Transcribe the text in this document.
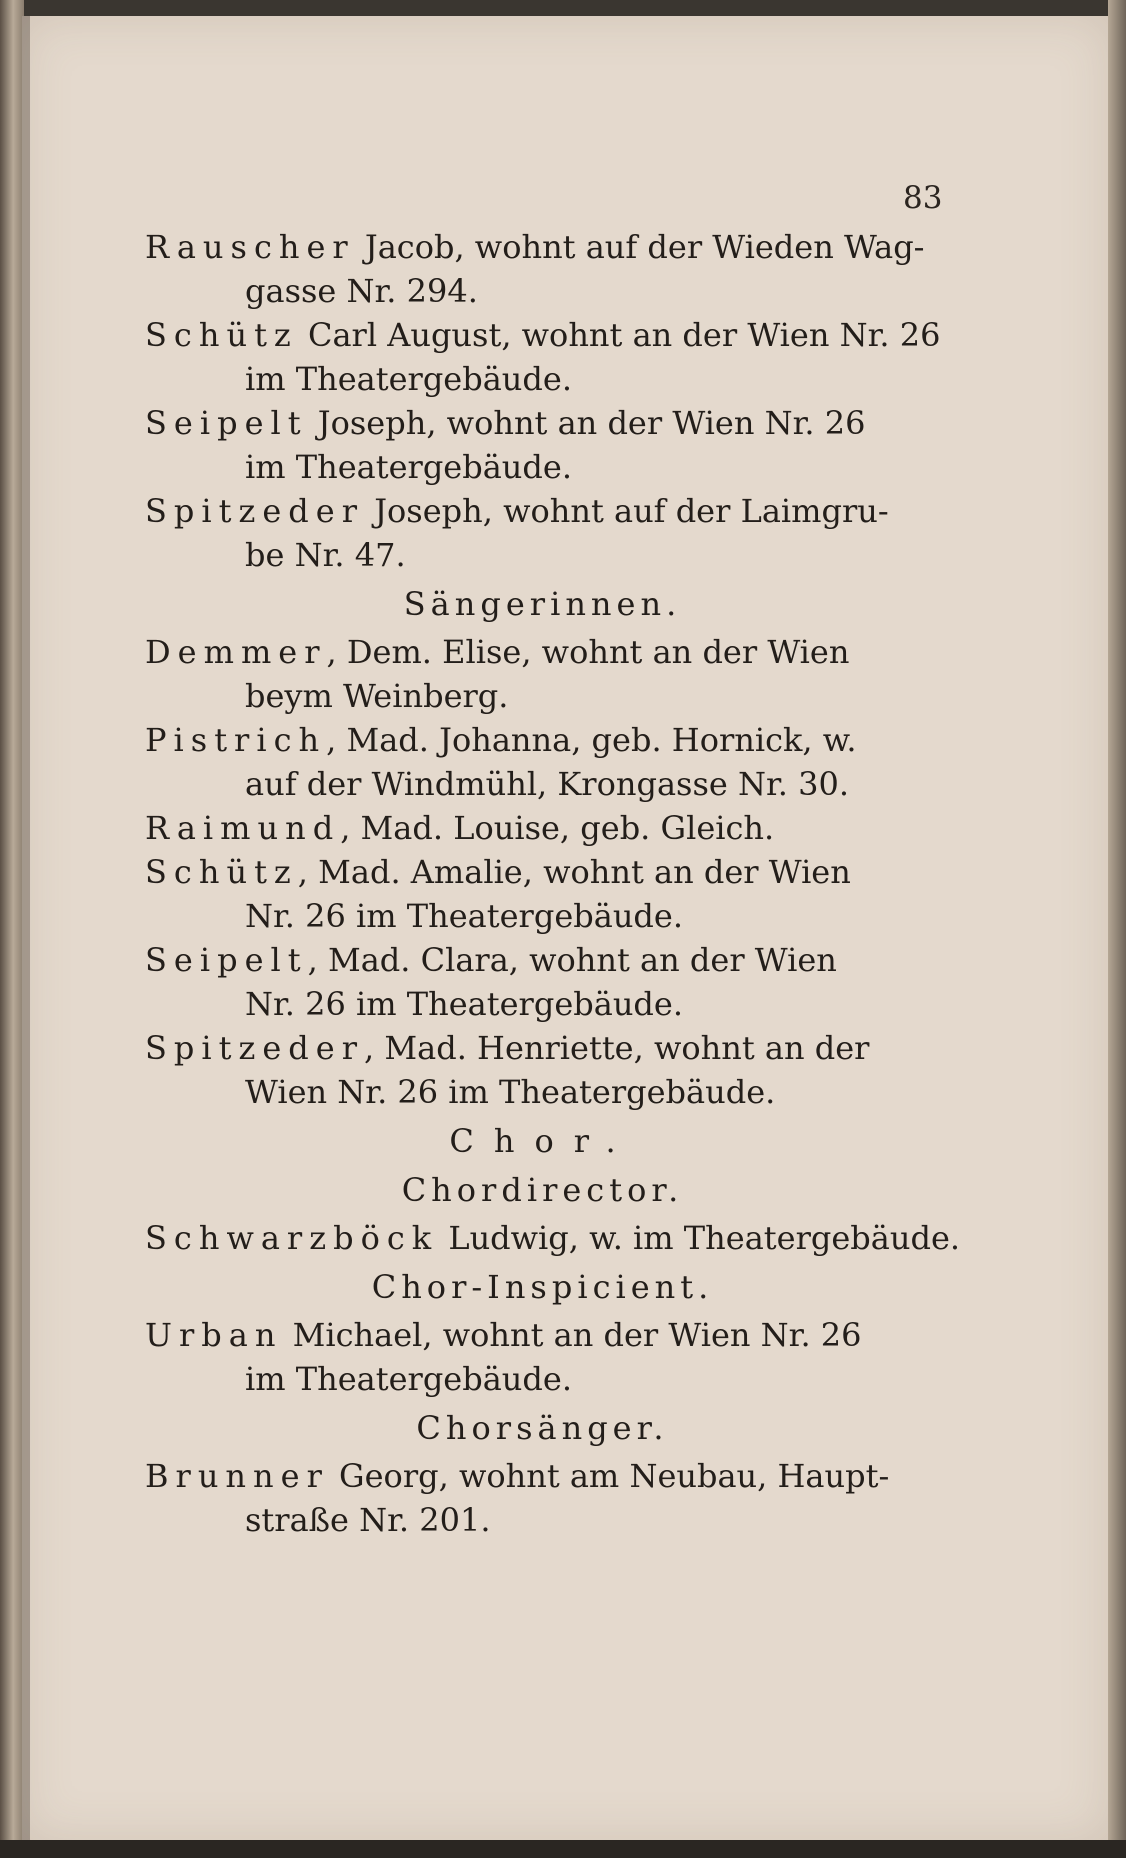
83
Rauscher Jacob, wohnt auf der Wieden Wag-
gasse Nr. 294.
Schütz Carl August, wohnt an der Wien Nr. 26
im Theatergebäude.
Seipelt Joseph, wohnt an der Wien Nr. 26
im Theatergebäude.
Spitzeder Joseph, wohnt auf der Laimgru-
be Nr. 47.
Sängerinnen.
Demmer, Dem. Elise, wohnt an der Wien
beym Weinberg.
Pistrich, Mad. Johanna, geb. Hornick, w.
auf der Windmühl, Krongasse Nr. 30.
Raimund, Mad. Louise, geb. Gleich.
Schütz, Mad. Amalie, wohnt an der Wien
Nr. 26 im Theatergebäude.
Seipelt, Mad. Clara, wohnt an der Wien
Nr. 26 im Theatergebäude.
Spitzeder, Mad. Henriette, wohnt an der
Wien Nr. 26 im Theatergebäude.
Chor.
Chordirector.
Schwarzböck Ludwig, w. im Theatergebäude.
Chor-Inspicient.
Urban Michael, wohnt an der Wien Nr. 26
im Theatergebäude.
Chorsänger.
Brunner Georg, wohnt am Neubau, Haupt-
straße Nr. 201.
